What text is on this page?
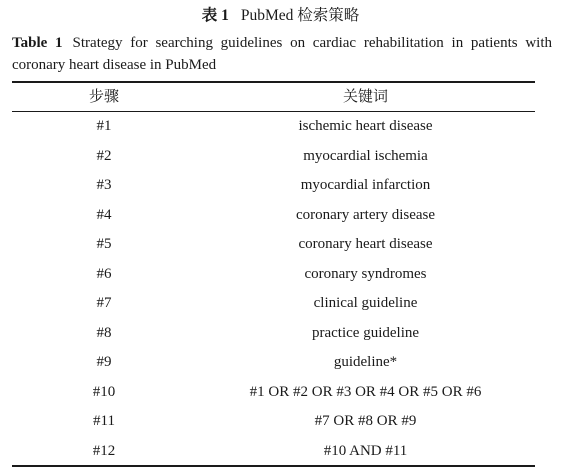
表 1 PubMed 检索策略
Table 1 Strategy for searching guidelines on cardiac rehabilitation in patients with coronary heart disease in PubMed
步骤	关键词
#1	ischemic heart disease
#2	myocardial ischemia
#3	myocardial infarction
#4	coronary artery disease
#5	coronary heart disease
#6	coronary syndromes
#7	clinical guideline
#8	practice guideline
#9	guideline*
#10	#1 OR #2 OR #3 OR #4 OR #5 OR #6
#11	#7 OR #8 OR #9
#12	#10 AND #11
